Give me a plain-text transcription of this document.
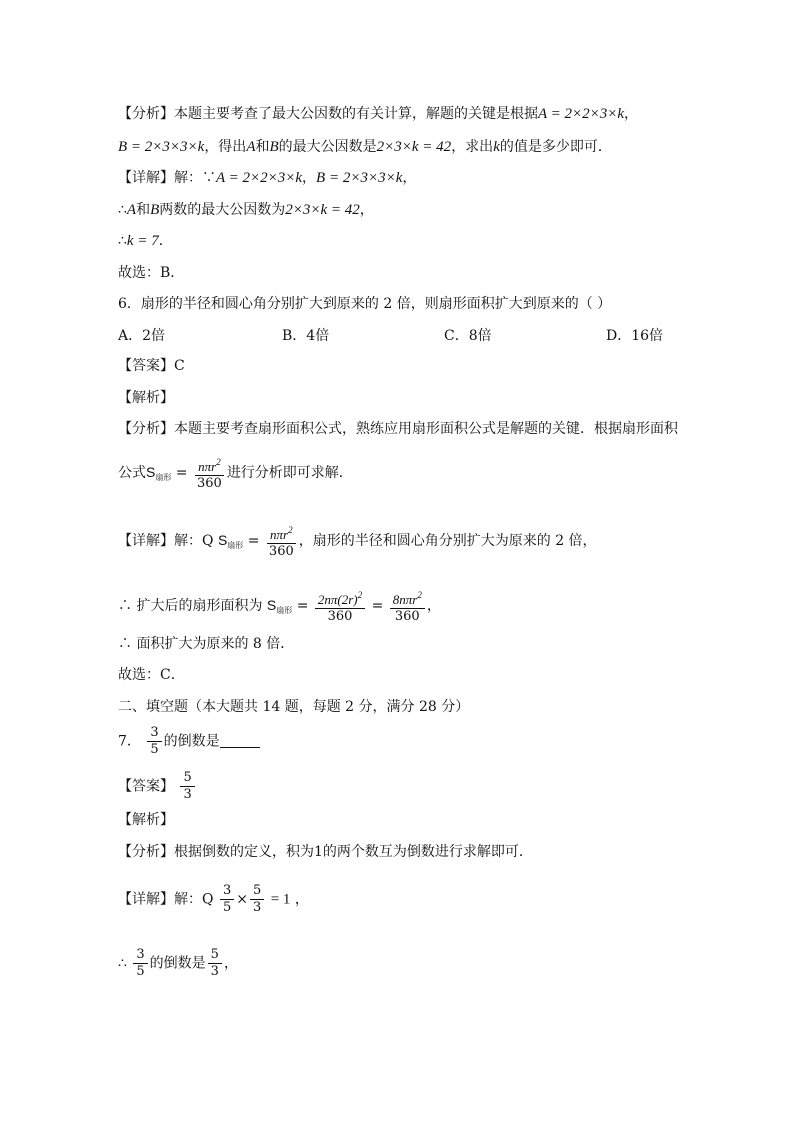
【分析】本题主要考查了最大公因数的有关计算，解题的关键是根据A = 2×2×3×k，
B = 2×3×3×k，得出A和B的最大公因数是2×3×k = 42，求出k的值是多少即可．
【详解】解：∵A = 2×2×3×k，B = 2×3×3×k，
∴A和B两数的最大公因数为2×3×k = 42，
∴k = 7．
故选：B．
6．扇形的半径和圆心角分别扩大到原来的 2 倍，则扇形面积扩大到原来的（ ）
A．2倍	B．4倍	C．8倍	D．16倍
【答案】C
【解析】
【分析】本题主要考查扇形面积公式，熟练应用扇形面积公式是解题的关键．根据扇形面积
公式$S_{扇形} = \frac{n\pi r^2}{360}$ 进行分析即可求解．
【详解】解：Q $S_{扇形} = \frac{n\pi r^2}{360}$ ，扇形的半径和圆心角分别扩大为原来的 2 倍，
∴ 扩大后的扇形面积为 $S_{扇形} = \frac{2n\pi(2r)^2}{360} = \frac{8n\pi r^2}{360}$ ，
∴ 面积扩大为原来的 8 倍．
故选：C．
二、填空题（本大题共 14 题，每题 2 分，满分 28 分）
7． $\frac{3}{5}$ 的倒数是
【答案】 $\frac{5}{3}$
【解析】
【分析】根据倒数的定义，积为1的两个数互为倒数进行求解即可．
【详解】解：Q $\frac{3}{5} \times \frac{5}{3} = 1$ ，
∴ $\frac{3}{5}$ 的倒数是 $\frac{5}{3}$ ，
